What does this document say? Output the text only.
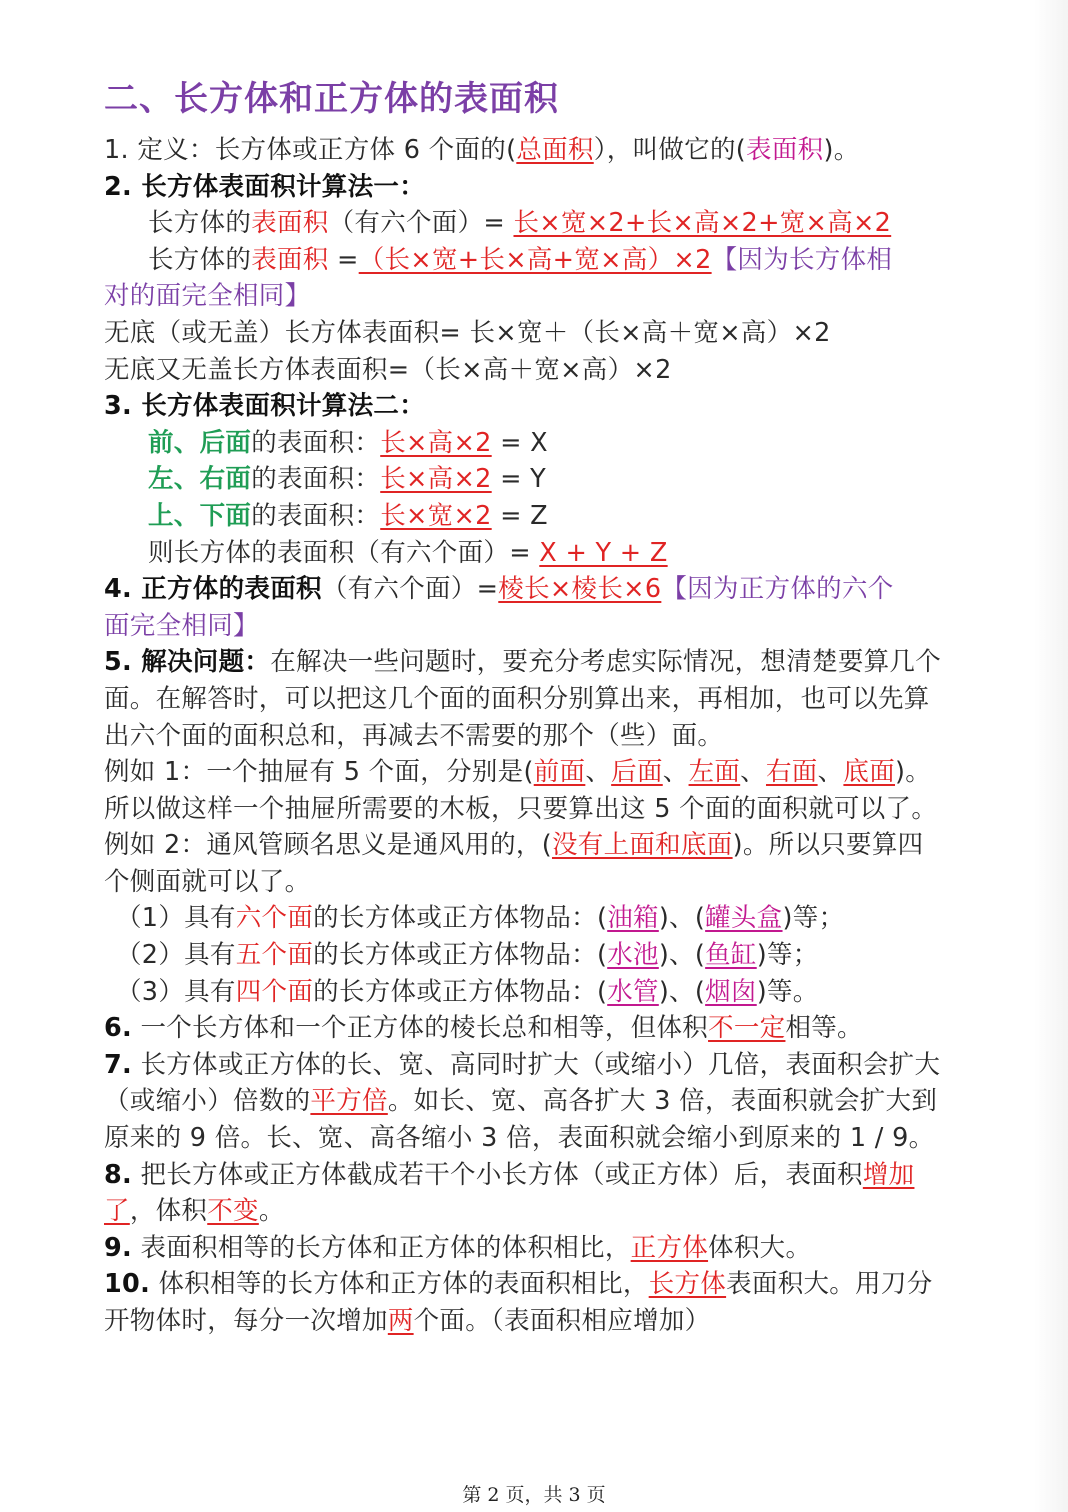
二、长方体和正方体的表面积
1. 定义：长方体或正方体 6 个面的(总面积），叫做它的(表面积)。
2. 长方体表面积计算法一：
长方体的表面积（有六个面）= 长×宽×2+长×高×2+宽×高×2
长方体的表面积 =（长×宽+长×高+宽×高）×2【因为长方体相
对的面完全相同】
无底（或无盖）长方体表面积= 长×宽＋（长×高＋宽×高）×2
无底又无盖长方体表面积=（长×高＋宽×高）×2
3. 长方体表面积计算法二：
前、后面的表面积：长×高×2 = X
左、右面的表面积：长×高×2 = Y
上、下面的表面积：长×宽×2 = Z
则长方体的表面积（有六个面）= X + Y + Z
4. 正方体的表面积（有六个面）=棱长×棱长×6【因为正方体的六个
面完全相同】
5. 解决问题：在解决一些问题时，要充分考虑实际情况，想清楚要算几个面。在解答时，可以把这几个面的面积分别算出来，再相加，也可以先算出六个面的面积总和，再减去不需要的那个（些）面。
例如 1：一个抽屉有 5 个面，分别是(前面、后面、左面、右面、底面)。所以做这样一个抽屉所需要的木板，只要算出这 5 个面的面积就可以了。
例如 2：通风管顾名思义是通风用的，(没有上面和底面)。所以只要算四个侧面就可以了。
（1）具有六个面的长方体或正方体物品：(油箱)、(罐头盒)等；
（2）具有五个面的长方体或正方体物品：(水池)、(鱼缸)等；
（3）具有四个面的长方体或正方体物品：(水管)、(烟囱)等。
6. 一个长方体和一个正方体的棱长总和相等，但体积不一定相等。
7. 长方体或正方体的长、宽、高同时扩大（或缩小）几倍，表面积会扩大（或缩小）倍数的平方倍。如长、宽、高各扩大 3 倍，表面积就会扩大到原来的 9 倍。长、宽、高各缩小 3 倍，表面积就会缩小到原来的 1 / 9。
8. 把长方体或正方体截成若干个小长方体（或正方体）后，表面积增加了，体积不变。
9. 表面积相等的长方体和正方体的体积相比，正方体体积大。
10. 体积相等的长方体和正方体的表面积相比，长方体表面积大。用刀分开物体时，每分一次增加两个面。（表面积相应增加）
第 2 页，共 3 页
